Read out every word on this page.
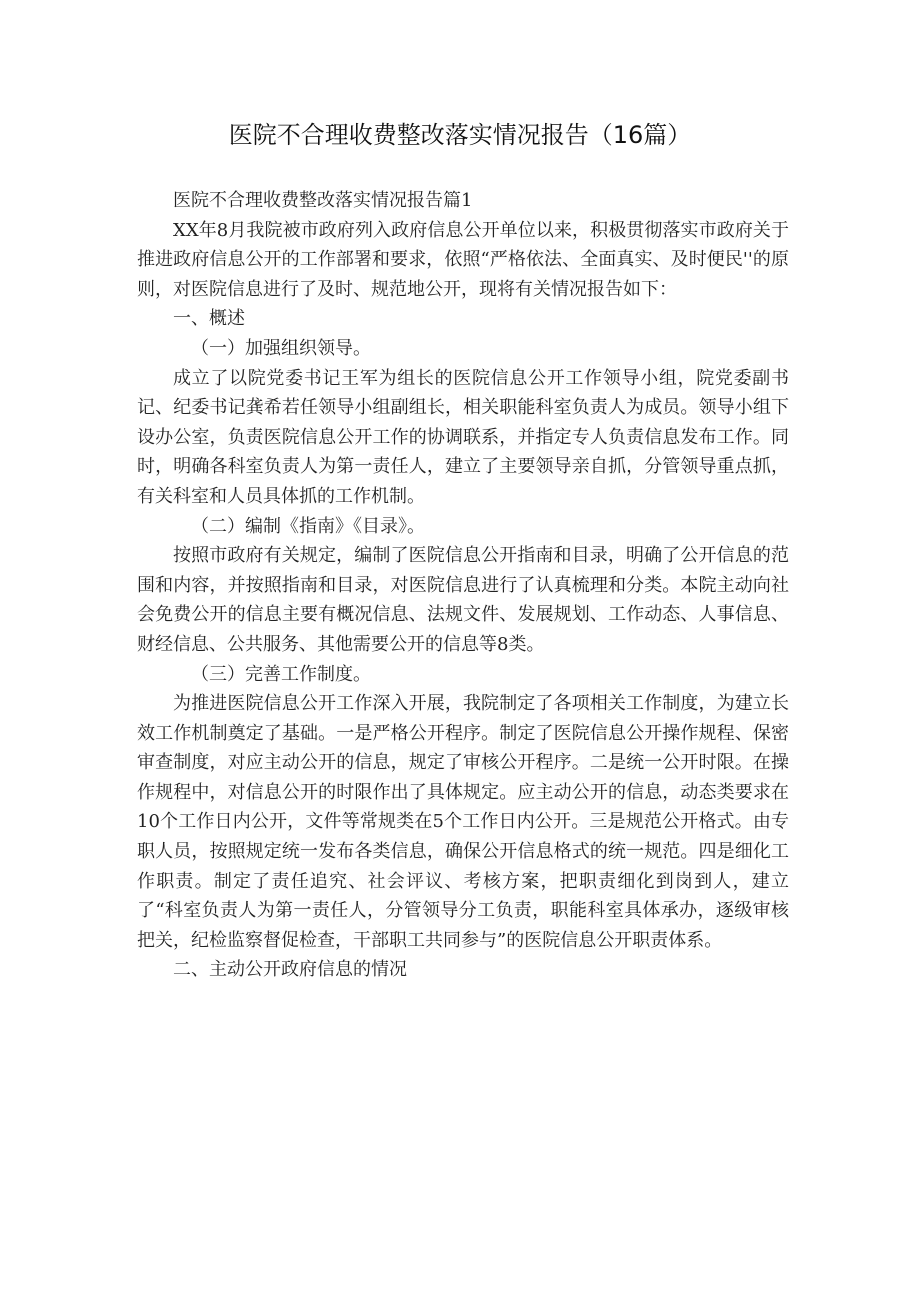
医院不合理收费整改落实情况报告（16篇）

医院不合理收费整改落实情况报告篇1

XX年8月我院被市政府列入政府信息公开单位以来，积极贯彻落实市政府关于推进政府信息公开的工作部署和要求，依照“严格依法、全面真实、及时便民''的原则，对医院信息进行了及时、规范地公开，现将有关情况报告如下：

一、概述

（一）加强组织领导。

成立了以院党委书记王军为组长的医院信息公开工作领导小组，院党委副书记、纪委书记龚希若任领导小组副组长，相关职能科室负责人为成员。领导小组下设办公室，负责医院信息公开工作的协调联系，并指定专人负责信息发布工作。同时，明确各科室负责人为第一责任人，建立了主要领导亲自抓，分管领导重点抓，有关科室和人员具体抓的工作机制。

（二）编制《指南》《目录》。

按照市政府有关规定，编制了医院信息公开指南和目录，明确了公开信息的范围和内容，并按照指南和目录，对医院信息进行了认真梳理和分类。本院主动向社会免费公开的信息主要有概况信息、法规文件、发展规划、工作动态、人事信息、财经信息、公共服务、其他需要公开的信息等8类。

（三）完善工作制度。

为推进医院信息公开工作深入开展，我院制定了各项相关工作制度，为建立长效工作机制奠定了基础。一是严格公开程序。制定了医院信息公开操作规程、保密审查制度，对应主动公开的信息，规定了审核公开程序。二是统一公开时限。在操作规程中，对信息公开的时限作出了具体规定。应主动公开的信息，动态类要求在10个工作日内公开，文件等常规类在5个工作日内公开。三是规范公开格式。由专职人员，按照规定统一发布各类信息，确保公开信息格式的统一规范。四是细化工作职责。制定了责任追究、社会评议、考核方案，把职责细化到岗到人，建立了“科室负责人为第一责任人，分管领导分工负责，职能科室具体承办，逐级审核把关，纪检监察督促检查，干部职工共同参与”的医院信息公开职责体系。

二、主动公开政府信息的情况
